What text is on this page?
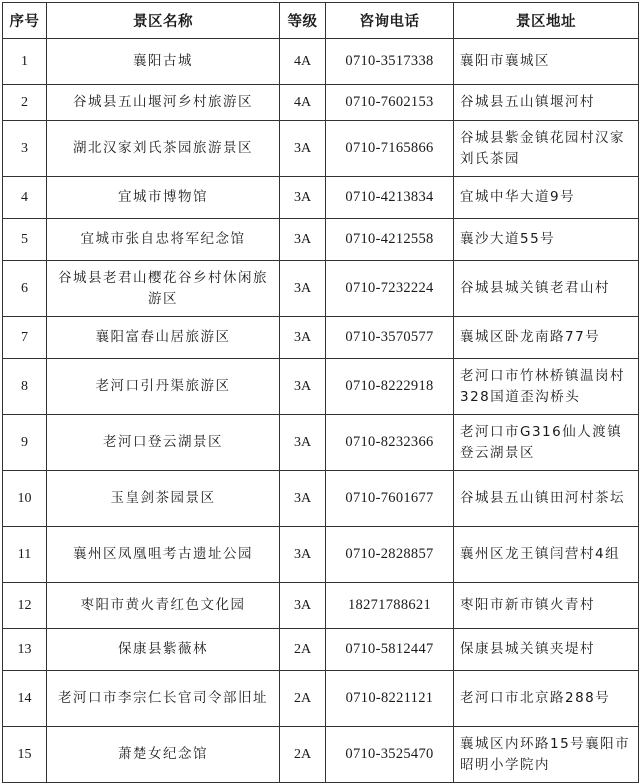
序号	景区名称	等级	咨询电话	景区地址
1	襄阳古城	4A	0710-3517338	襄阳市襄城区
2	谷城县五山堰河乡村旅游区	4A	0710-7602153	谷城县五山镇堰河村
3	湖北汉家刘氏茶园旅游景区	3A	0710-7165866	谷城县紫金镇花园村汉家刘氏茶园
4	宜城市博物馆	3A	0710-4213834	宜城中华大道9号
5	宜城市张自忠将军纪念馆	3A	0710-4212558	襄沙大道55号
6	谷城县老君山樱花谷乡村休闲旅游区	3A	0710-7232224	谷城县城关镇老君山村
7	襄阳富春山居旅游区	3A	0710-3570577	襄城区卧龙南路77号
8	老河口引丹渠旅游区	3A	0710-8222918	老河口市竹林桥镇温岗村328国道歪沟桥头
9	老河口登云湖景区	3A	0710-8232366	老河口市G316仙人渡镇登云湖景区
10	玉皇剑茶园景区	3A	0710-7601677	谷城县五山镇田河村茶坛
11	襄州区凤凰咀考古遗址公园	3A	0710-2828857	襄州区龙王镇闫营村4组
12	枣阳市黄火青红色文化园	3A	18271788621	枣阳市新市镇火青村
13	保康县紫薇林	2A	0710-5812447	保康县城关镇夹堤村
14	老河口市李宗仁长官司令部旧址	2A	0710-8221121	老河口市北京路288号
15	萧楚女纪念馆	2A	0710-3525470	襄城区内环路15号襄阳市昭明小学院内
